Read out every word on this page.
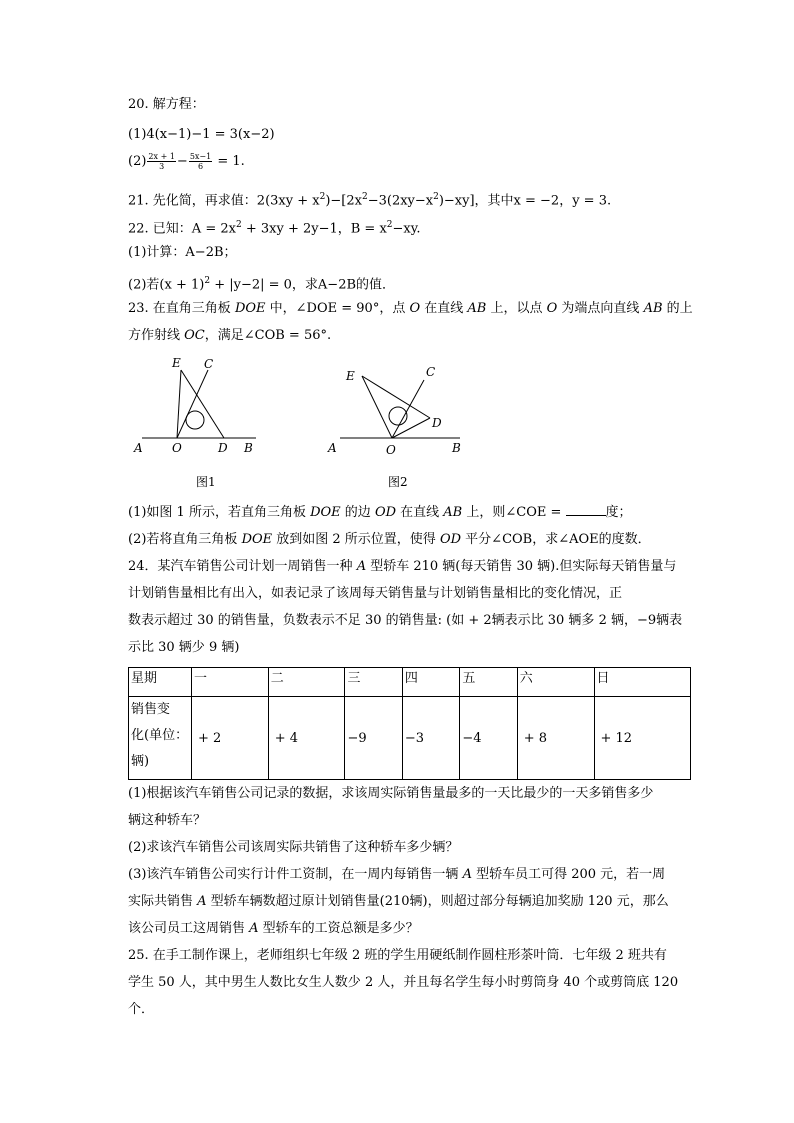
20. 解方程：
(1)4(x−1)−1 = 3(x−2)
$(2) \frac{2x + 1}{3} - \frac{5x-1}{6} = 1$.
21. 先化简，再求值：$2(3xy + x^2)-[2x^2-3(2xy-x^2)-xy]$，其中x = −2，y = 3.
22. 已知：$A = 2x^2 + 3xy + 2y-1$，$B = x^2-xy$.
(1)计算：A−2B；
(2)若$(x + 1)^2 + |y-2| = 0$，求A−2B的值．
23. 在直角三角板 DOE 中，∠DOE = 90°，点 O 在直线 AB 上，以点 O 为端点向直线 AB 的上
方作射线 OC，满足∠COB = 56°.
E C
A O	D B
图1
E	C
D
A	O	B
图2
(1)如图 1 所示，若直角三角板 DOE 的边 OD 在直线 AB 上，则∠COE =	度；
(2)若将直角三角板 DOE 放到如图 2 所示位置，使得 OD 平分∠COB，求∠AOE的度数．
24．某汽车销售公司计划一周销售一种 A 型轿车 210 辆(每天销售 30 辆).但实际每天销售量与
计划销售量相比有出入，如表记录了该周每天销售量与计划销售量相比的变化情况，正
数表示超过 30 的销售量，负数表示不足 30 的销售量: (如 + 2辆表示比 30 辆多 2 辆，−9辆表
示比 30 辆少 9 辆)
星期	一	二	三	四	五	六	日
销售变
化(单位：
辆)	+ 2	+ 4	−9	−3	−4	+ 8	+ 12
(1)根据该汽车销售公司记录的数据，求该周实际销售量最多的一天比最少的一天多销售多少
辆这种轿车？
(2)求该汽车销售公司该周实际共销售了这种轿车多少辆？
(3)该汽车销售公司实行计件工资制，在一周内每销售一辆 A 型轿车员工可得 200 元，若一周
实际共销售 A 型轿车辆数超过原计划销售量(210辆)，则超过部分每辆追加奖励 120 元，那么
该公司员工这周销售 A 型轿车的工资总额是多少？
25. 在手工制作课上，老师组织七年级 2 班的学生用硬纸制作圆柱形茶叶筒．七年级 2 班共有
学生 50 人，其中男生人数比女生人数少 2 人，并且每名学生每小时剪筒身 40 个或剪筒底 120
个．
